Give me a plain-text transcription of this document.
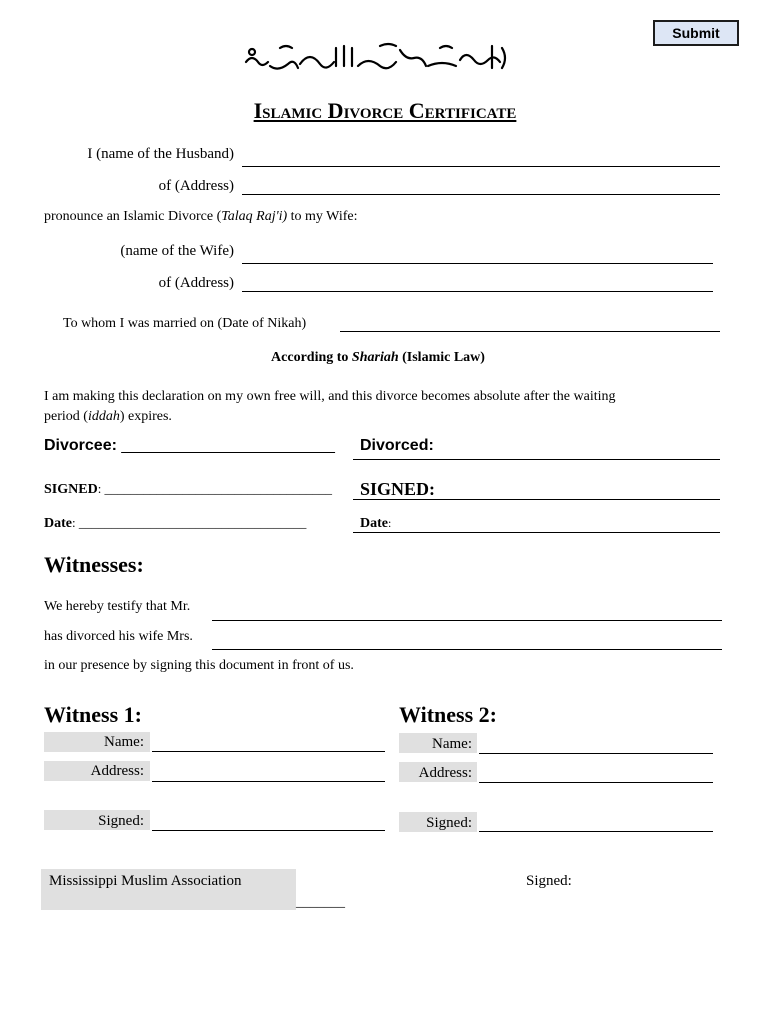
Submit
Islamic Divorce Certificate
I (name of the Husband)
of (Address)
pronounce an Islamic Divorce (Talaq Raj'i) to my Wife:
(name of the Wife)
of (Address)
To whom I was married on (Date of Nikah)
According to Shariah (Islamic Law)
I am making this declaration on my own free will, and this divorce becomes absolute after the waiting
period (iddah) expires.
Divorcee: ________________________ Divorced:
SIGNED: ___________________________________ SIGNED:
Date: ___________________________________	Date:
Witnesses:
We hereby testify that Mr.
has divorced his wife Mrs.
in our presence by signing this document in front of us.
Witness 1:
Name:
Address:
Signed:
Witness 2:
Name:
Address:
Signed:
Mississippi Muslim Association
_______
Signed:
